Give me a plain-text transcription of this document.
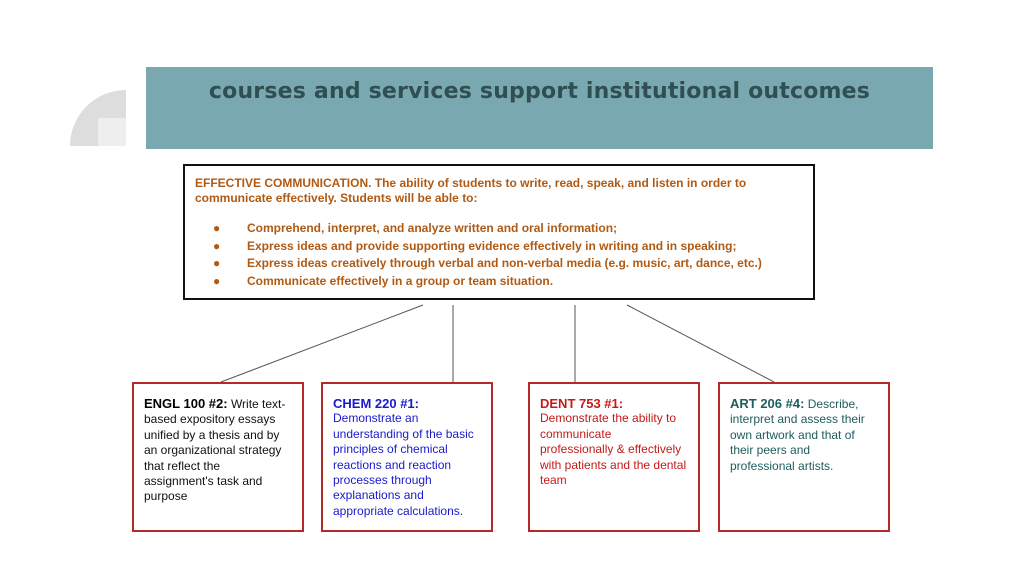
courses and services support institutional outcomes
EFFECTIVE COMMUNICATION. The ability of students to write, read, speak, and listen in order to communicate effectively. Students will be able to:
● Comprehend, interpret, and analyze written and oral information;
● Express ideas and provide supporting evidence effectively in writing and in speaking;
● Express ideas creatively through verbal and non-verbal media (e.g. music, art, dance, etc.)
● Communicate effectively in a group or team situation.
ENGL 100 #2: Write text-based expository essays unified by a thesis and by an organizational strategy that reflect the assignment's task and purpose
CHEM 220 #1:
Demonstrate an understanding of the basic principles of chemical reactions and reaction processes through explanations and appropriate calculations.
DENT 753 #1:
Demonstrate the ability to communicate professionally & effectively with patients and the dental team
ART 206 #4: Describe, interpret and assess their own artwork and that of their peers and professional artists.
